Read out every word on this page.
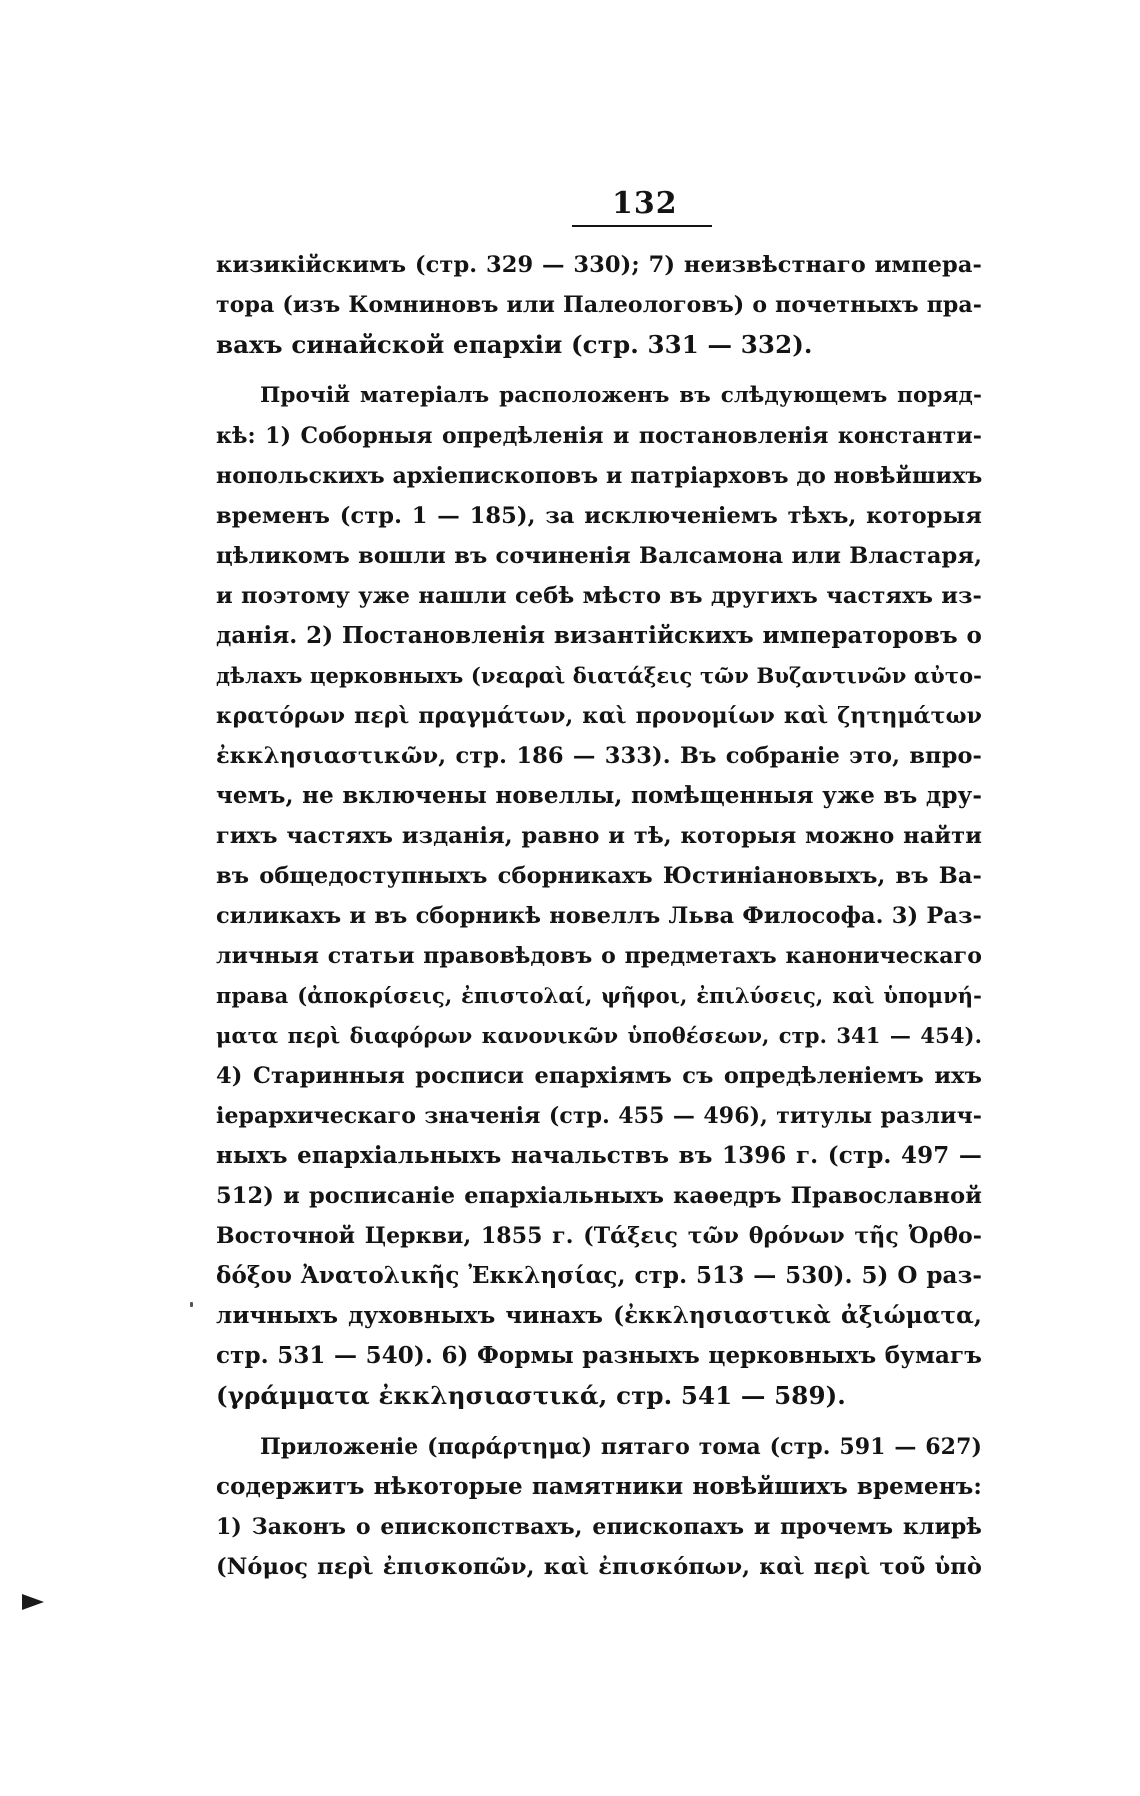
132
кизикійскимъ (стр. 329 — 330); 7) неизвѣстнаго импера-
тора (изъ Комниновъ или Палеологовъ) о почетныхъ пра-
вахъ синайской епархіи (стр. 331 — 332).
Прочій матеріалъ расположенъ въ слѣдующемъ поряд-
кѣ: 1) Соборныя опредѣленія и постановленія константи-
нопольскихъ архіепископовъ и патріарховъ до новѣйшихъ
временъ (стр. 1 — 185), за исключеніемъ тѣхъ, которыя
цѣликомъ вошли въ сочиненія Валсамона или Властаря,
и поэтому уже нашли себѣ мѣсто въ другихъ частяхъ из-
данія. 2) Постановленія византійскихъ императоровъ о
дѣлахъ церковныхъ (νεαραὶ διατάξεις τῶν Βυζαντινῶν αὐτο-
κρατόρων περὶ πραγμάτων, καὶ προνομίων καὶ ζητημάτων
ἐκκλησιαστικῶν, стр. 186 — 333). Въ собраніе это, впро-
чемъ, не включены новеллы, помѣщенныя уже въ дру-
гихъ частяхъ изданія, равно и тѣ, которыя можно найти
въ общедоступныхъ сборникахъ Юстиніановыхъ, въ Ва-
силикахъ и въ сборникѣ новеллъ Льва Философа. 3) Раз-
личныя статьи правовѣдовъ о предметахъ каноническаго
права (ἀποκρίσεις, ἐπιστολαί, ψῆφοι, ἐπιλύσεις, καὶ ὑπομνή-
ματα περὶ διαφόρων κανονικῶν ὑποθέσεων, стр. 341 — 454).
4) Старинныя росписи епархіямъ съ опредѣленіемъ ихъ
іерархическаго значенія (стр. 455 — 496), титулы различ-
ныхъ епархіальныхъ начальствъ въ 1396 г. (стр. 497 —
512) и росписаніе епархіальныхъ каѳедръ Православной
Восточной Церкви, 1855 г. (Τάξεις τῶν θρόνων τῆς Ὀρθο-
δόξου Ἀνατολικῆς Ἐκκλησίας, стр. 513 — 530). 5) О раз-
личныхъ духовныхъ чинахъ (ἐκκλησιαστικὰ ἀξιώματα,
стр. 531 — 540). 6) Формы разныхъ церковныхъ бумагъ
(γράμματα ἐκκλησιαστικά, стр. 541 — 589).
Приложеніе (παράρτημα) пятаго тома (стр. 591 — 627)
содержитъ нѣкоторые памятники новѣйшихъ временъ:
1) Законъ о епископствахъ, епископахъ и прочемъ клирѣ
(Νόμος περὶ ἐπισκοπῶν, καὶ ἐπισκόπων, καὶ περὶ τοῦ ὑπὸ
